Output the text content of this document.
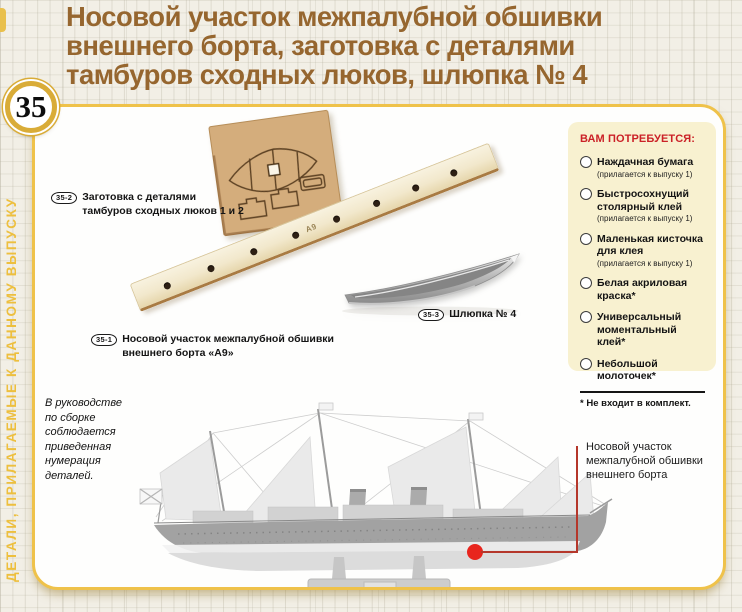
Носовой участок межпалубной обшивки
внешнего борта, заготовка с деталями
тамбуров сходных люков, шлюпка № 4
35
ДЕТАЛИ, ПРИЛАГАЕМЫЕ К ДАННОМУ ВЫПУСКУ	А9
35-2 Заготовка с деталями тамбуров сходных люков 1 и 2
35-1 Носовой участок межпалубной обшивки внешнего борта «А9»
35-3 Шлюпка № 4
ВАМ ПОТРЕБУЕТСЯ:
Наждачная бумага
(прилагается к выпуску 1)
Быстросохнущий столярный клей
(прилагается к выпуску 1)
Маленькая кисточка для клея
(прилагается к выпуску 1)
Белая акриловая краска*
Универсальный моментальный клей*
Небольшой молоточек*
* Не входит в комплект.
В руководстве по сборке соблюдается приведенная нумерация деталей.
Носовой участок
межпалубной обшивки
внешнего борта
